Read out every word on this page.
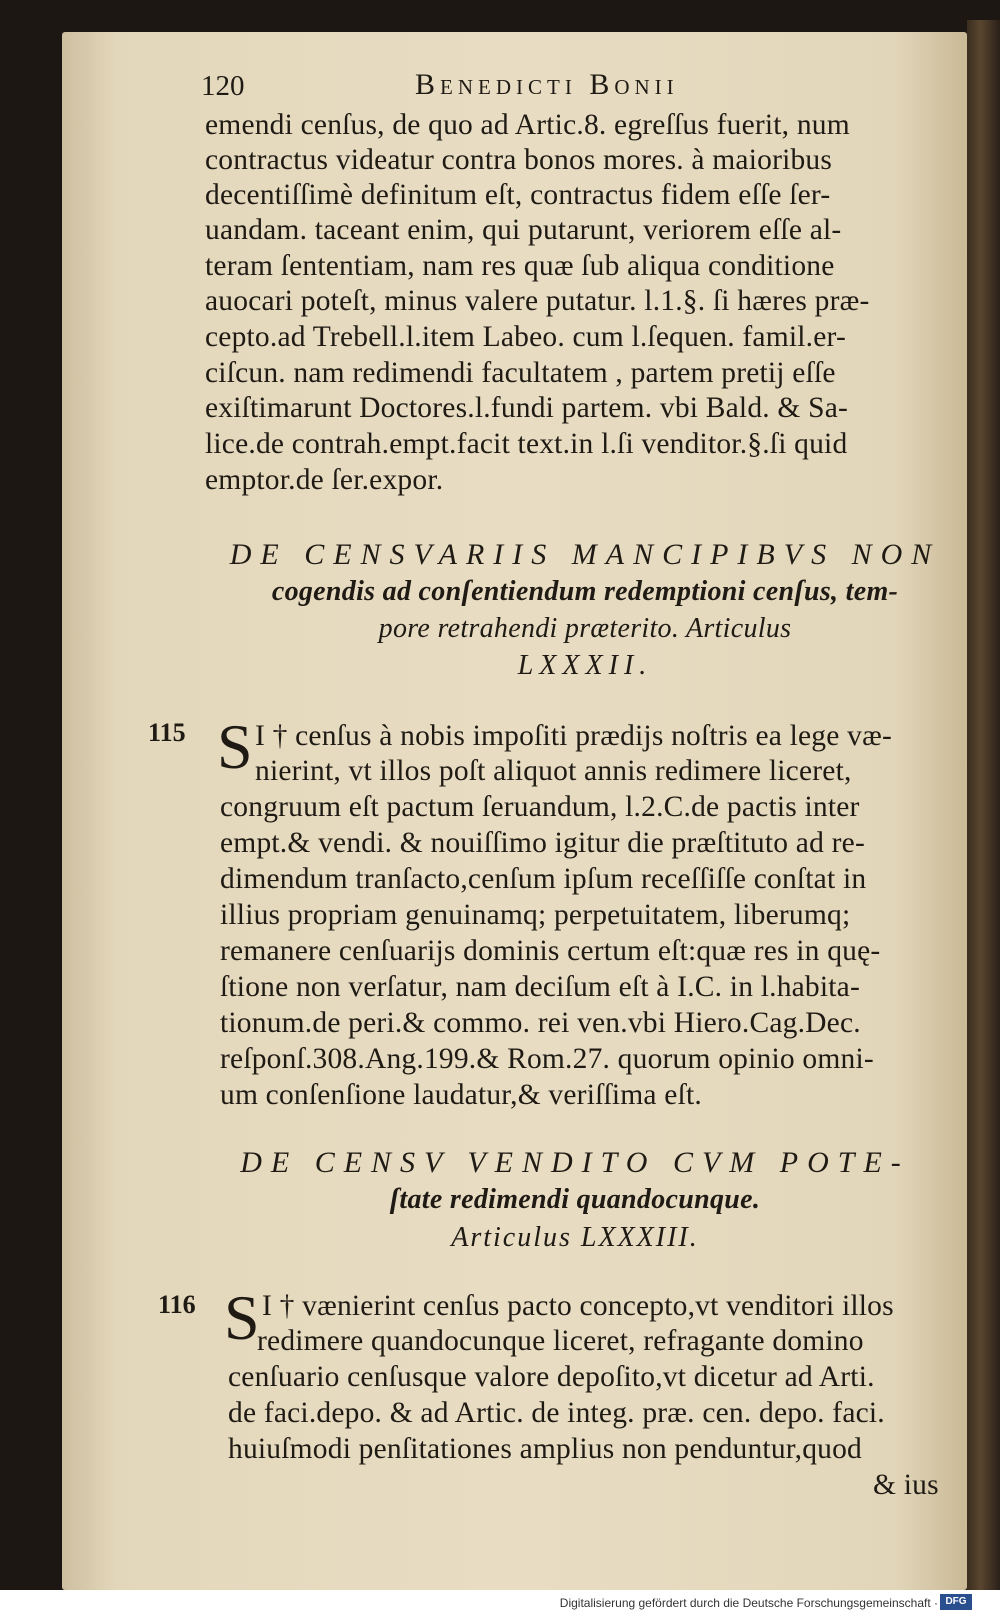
120	Benedicti Bonii
emendi cenſus, de quo ad Artic.8. egreſſus fuerit, num
contractus videatur contra bonos mores. à maioribus
decentiſſimè definitum eſt, contractus fidem eſſe ſer-
uandam. taceant enim, qui putarunt, veriorem eſſe al-
teram ſententiam, nam res quæ ſub aliqua conditione
auocari poteſt, minus valere putatur. l.1.§. ſi hæres præ-
cepto.ad Trebell.l.item Labeo. cum l.ſequen. famil.er-
ciſcun. nam redimendi facultatem , partem pretij eſſe
exiſtimarunt Doctores.l.fundi partem. vbi Bald. & Sa-
lice.de contrah.empt.facit text.in l.ſi venditor.§.ſi quid
emptor.de ſer.expor.
DE CENSVARIIS MANCIPIBVS NON
cogendis ad conſentiendum redemptioni cenſus, tem-
pore retrahendi præterito. Articulus
LXXXII.
115 S I † cenſus à nobis impoſiti prædijs noſtris ea lege væ-
nierint, vt illos poſt aliquot annis redimere liceret,
congruum eſt pactum ſeruandum, l.2.C.de pactis inter
empt.& vendi. & nouiſſimo igitur die præſtituto ad re-
dimendum tranſacto,cenſum ipſum receſſiſſe conſtat in
illius propriam genuinamq; perpetuitatem, liberumq;
remanere cenſuarijs dominis certum eſt:quæ res in quę-
ſtione non verſatur, nam deciſum eſt à I.C. in l.habita-
tionum.de peri.& commo. rei ven.vbi Hiero.Cag.Dec.
reſponſ.308.Ang.199.& Rom.27. quorum opinio omni-
um conſenſione laudatur,& veriſſima eſt.
DE CENSV VENDITO CVM POTE-
ſtate redimendi quandocunque.
Articulus LXXXIII.
116 S I † vænierint cenſus pacto concepto,vt venditori illos
redimere quandocunque liceret, refragante domino
cenſuario cenſusque valore depoſito,vt dicetur ad Arti.
de faci.depo. & ad Artic. de integ. præ. cen. depo. faci.
huiuſmodi penſitationes amplius non penduntur,quod
& ius
Digitalisierung gefördert durch die Deutsche Forschungsgemeinschaft · DFG
